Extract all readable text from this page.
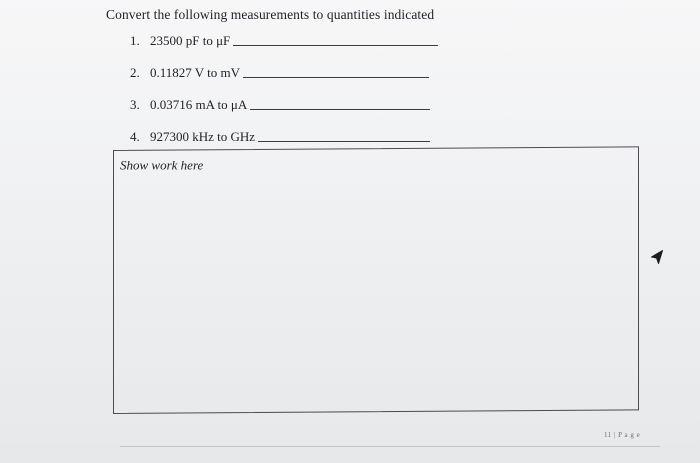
Convert the following measurements to quantities indicated
1. 23500 pF to μF
2. 0.11827 V to mV
3. 0.03716 mA to μA
4. 927300 kHz to GHz
Show work here
11 | P a g e
